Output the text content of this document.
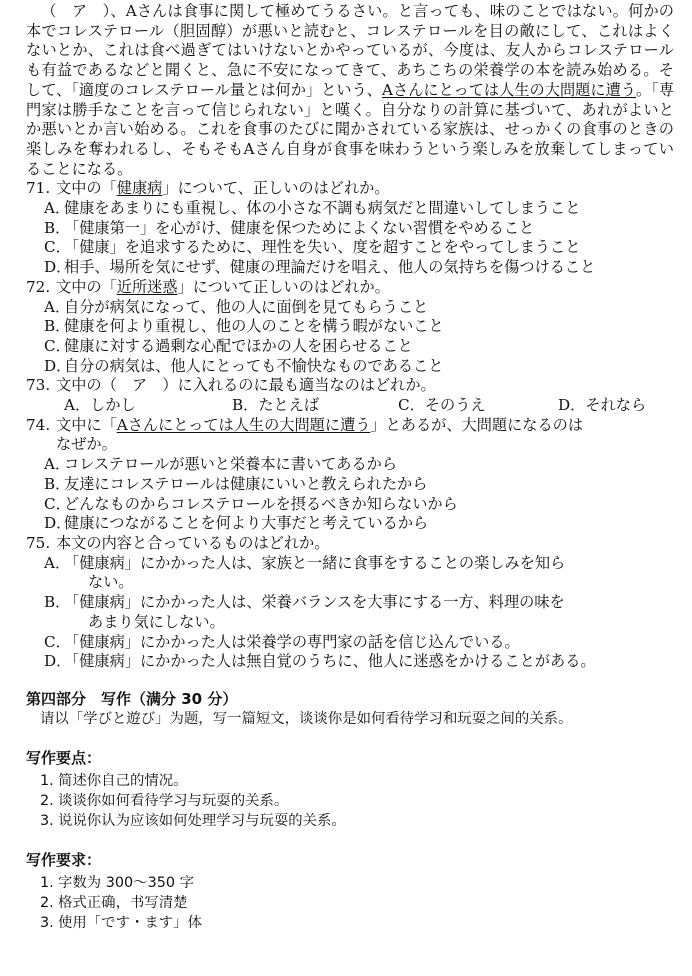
（　ア　）、Aさんは食事に関して極めてうるさい。と言っても、味のことではない。何かの本でコレステロール（胆固醇）が悪いと読むと、コレステロールを目の敵にして、これはよくないとか、これは食べ過ぎてはいけないとかやっているが、今度は、友人からコレステロールも有益であるなどと聞くと、急に不安になってきて、あちこちの栄養学の本を読み始める。そして、「適度のコレステロール量とは何か」という、Aさんにとっては人生の大問題に遭う。「専門家は勝手なことを言って信じられない」と嘆く。自分なりの計算に基づいて、あれがよいとか悪いとか言い始める。これを食事のたびに聞かされている家族は、せっかくの食事のときの楽しみを奪われるし、そもそもAさん自身が食事を味わうという楽しみを放棄してしまっていることになる。

71. 文中の「健康病」について、正しいのはどれか。

A．健康をあまりにも重視し、体の小さな不調も病気だと間違いしてしまうこと

B．「健康第一」を心がけ、健康を保つためによくない習慣をやめること

C．「健康」を追求するために、理性を失い、度を超すことをやってしまうこと

D．相手、場所を気にせず、健康の理論だけを唱え、他人の気持ちを傷つけること

72. 文中の「近所迷惑」について正しいのはどれか。

A．自分が病気になって、他の人に面倒を見てもらうこと

B．健康を何より重視し、他の人のことを構う暇がないこと

C．健康に対する過剰な心配でほかの人を困らせること

D．自分の病気は、他人にとっても不愉快なものであること

73. 文中の（　ア　）に入れるのに最も適当なのはどれか。

A．しかし	B．たとえば	C．そのうえ	D．それなら

74. 文中に「Aさんにとっては人生の大問題に遭う」とあるが、大問題になるのは

なぜか。

A．コレステロールが悪いと栄養本に書いてあるから

B．友達にコレステロールは健康にいいと教えられたから

C．どんなものからコレステロールを摂るべきか知らないから

D．健康につながることを何より大事だと考えているから

75. 本文の内容と合っているものはどれか。

A．「健康病」にかかった人は、家族と一緒に食事をすることの楽しみを知ら

ない。

B．「健康病」にかかった人は、栄養バランスを大事にする一方、料理の味を

あまり気にしない。

C．「健康病」にかかった人は栄養学の専門家の話を信じ込んでいる。

D．「健康病」にかかった人は無自覚のうちに、他人に迷惑をかけることがある。

第四部分　写作（满分 30 分）

请以「学びと遊び」为题，写一篇短文，谈谈你是如何看待学习和玩耍之间的关系。

写作要点：

1. 简述你自己的情况。

2. 谈谈你如何看待学习与玩耍的关系。

3. 说说你认为应该如何处理学习与玩耍的关系。

写作要求：

1. 字数为 300～350 字

2. 格式正确，书写清楚

3. 使用「です・ます」体
